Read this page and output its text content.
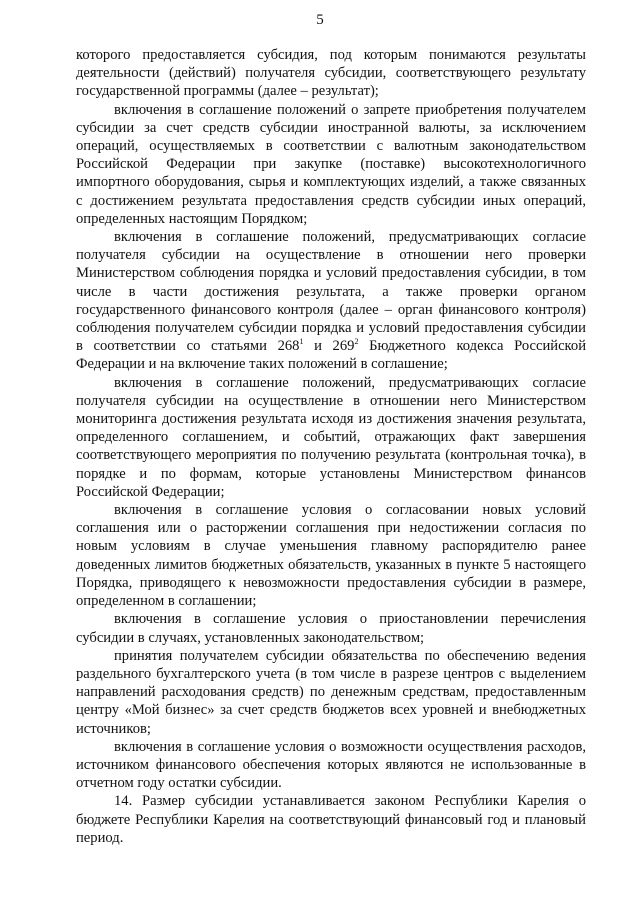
5

которого предоставляется субсидия, под которым понимаются результаты деятельности (действий) получателя субсидии, соответствующего результату государственной программы (далее – результат);

включения в соглашение положений о запрете приобретения получателем субсидии за счет средств субсидии иностранной валюты, за исключением операций, осуществляемых в соответствии с валютным законодательством Российской Федерации при закупке (поставке) высокотехнологичного импортного оборудования, сырья и комплектующих изделий, а также связанных с достижением результата предоставления средств субсидии иных операций, определенных настоящим Порядком;

включения в соглашение положений, предусматривающих согласие получателя субсидии на осуществление в отношении него проверки Министерством соблюдения порядка и условий предоставления субсидии, в том числе в части достижения результата, а также проверки органом государственного финансового контроля (далее – орган финансового контроля) соблюдения получателем субсидии порядка и условий предоставления субсидии в соответствии со статьями $268^1$ и $269^2$ Бюджетного кодекса Российской Федерации и на включение таких положений в соглашение;

включения в соглашение положений, предусматривающих согласие получателя субсидии на осуществление в отношении него Министерством мониторинга достижения результата исходя из достижения значения результата, определенного соглашением, и событий, отражающих факт завершения соответствующего мероприятия по получению результата (контрольная точка), в порядке и по формам, которые установлены Министерством финансов Российской Федерации;

включения в соглашение условия о согласовании новых условий соглашения или о расторжении соглашения при недостижении согласия по новым условиям в случае уменьшения главному распорядителю ранее доведенных лимитов бюджетных обязательств, указанных в пункте 5 настоящего Порядка, приводящего к невозможности предоставления субсидии в размере, определенном в соглашении;

включения в соглашение условия о приостановлении перечисления субсидии в случаях, установленных законодательством;

принятия получателем субсидии обязательства по обеспечению ведения раздельного бухгалтерского учета (в том числе в разрезе центров с выделением направлений расходования средств) по денежным средствам, предоставленным центру «Мой бизнес» за счет средств бюджетов всех уровней и внебюджетных источников;

включения в соглашение условия о возможности осуществления расходов, источником финансового обеспечения которых являются не использованные в отчетном году остатки субсидии.

14. Размер субсидии устанавливается законом Республики Карелия о бюджете Республики Карелия на соответствующий финансовый год и плановый период.
